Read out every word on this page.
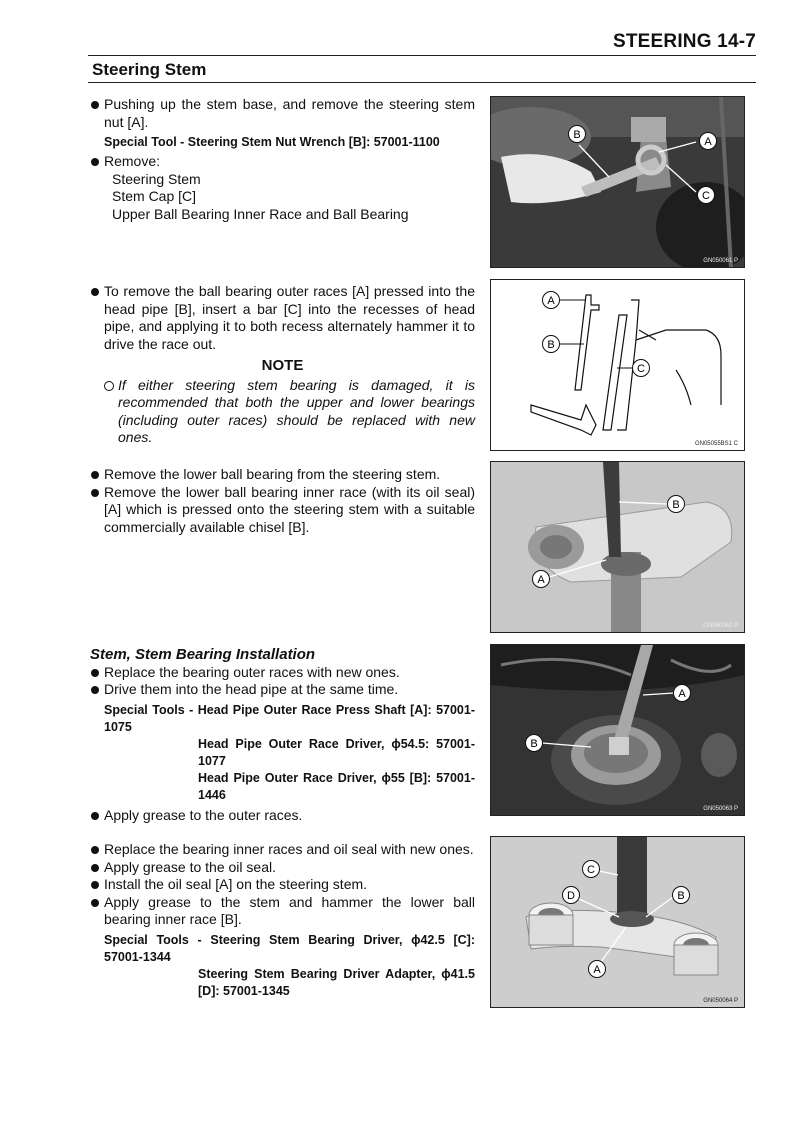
STEERING 14-7
Steering Stem
Pushing up the stem base, and remove the steering stem nut [A].
Special Tool - Steering Stem Nut Wrench [B]: 57001-1100
Remove:
Steering Stem
Stem Cap [C]
Upper Ball Bearing Inner Race and Ball Bearing
B
A
C
GN050061 P
To remove the ball bearing outer races [A] pressed into the head pipe [B], insert a bar [C] into the recesses of head pipe, and applying it to both recess alternately hammer it to drive the race out.
NOTE
If either steering stem bearing is damaged, it is recommended that both the upper and lower bearings (including outer races) should be replaced with new ones.
A
B
C
GN05055BS1 C
Remove the lower ball bearing from the steering stem.
Remove the lower ball bearing inner race (with its oil seal) [A] which is pressed onto the steering stem with a suitable commercially available chisel [B].
B
A
GN050062 P
Stem, Stem Bearing Installation
Replace the bearing outer races with new ones.
Drive them into the head pipe at the same time.
Special Tools - Head Pipe Outer Race Press Shaft [A]: 57001-1075
Head Pipe Outer Race Driver, ϕ54.5: 57001-1077
Head Pipe Outer Race Driver, ϕ55 [B]: 57001-1446
Apply grease to the outer races.
A
B
GN050063 P
Replace the bearing inner races and oil seal with new ones.
Apply grease to the oil seal.
Install the oil seal [A] on the steering stem.
Apply grease to the stem and hammer the lower ball bearing inner race [B].
Special Tools - Steering Stem Bearing Driver, ϕ42.5 [C]: 57001-1344
Steering Stem Bearing Driver Adapter, ϕ41.5 [D]: 57001-1345
C
D	B
A
GN050064 P
